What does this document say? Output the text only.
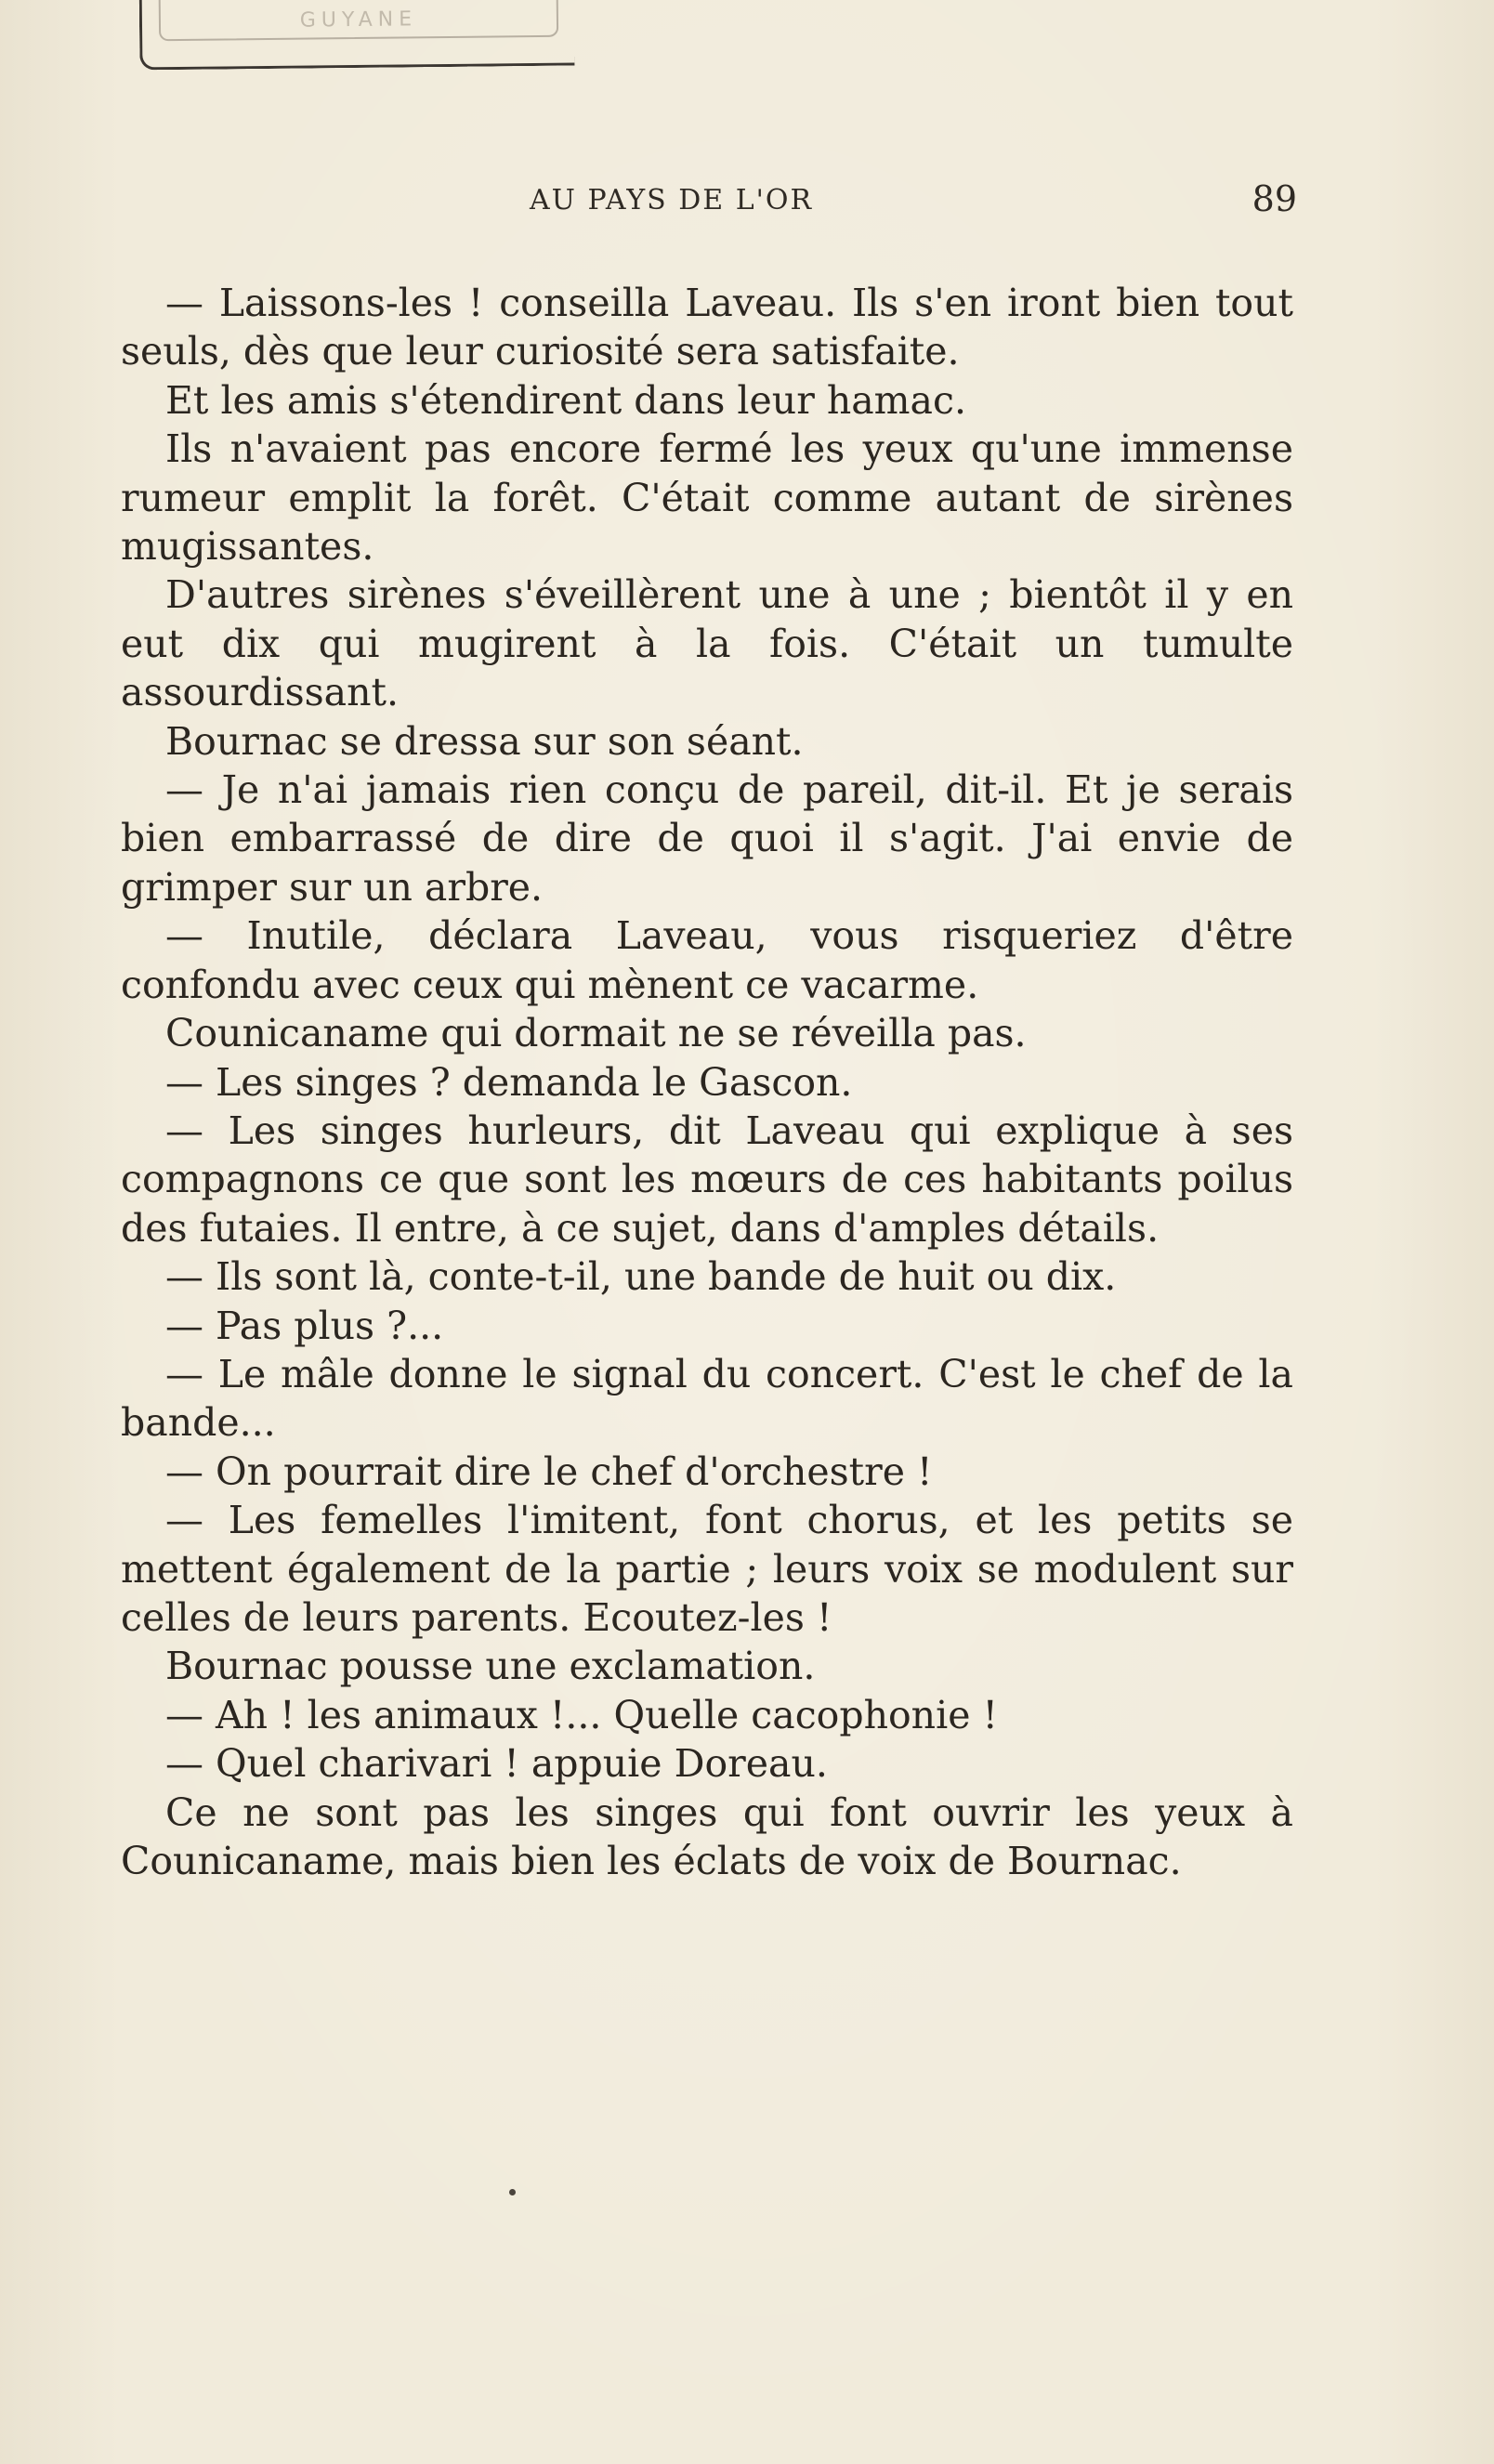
GUYANE
AU PAYS DE L'OR	89

— Laissons-les ! conseilla Laveau. Ils s'en iront bien tout seuls, dès que leur curiosité sera satisfaite.

Et les amis s'étendirent dans leur hamac.

Ils n'avaient pas encore fermé les yeux qu'une immense rumeur emplit la forêt. C'était comme autant de sirènes mugissantes.

D'autres sirènes s'éveillèrent une à une ; bientôt il y en eut dix qui mugirent à la fois. C'était un tumulte assourdissant.

Bournac se dressa sur son séant.

— Je n'ai jamais rien conçu de pareil, dit-il. Et je serais bien embarrassé de dire de quoi il s'agit. J'ai envie de grimper sur un arbre.

— Inutile, déclara Laveau, vous risqueriez d'être confondu avec ceux qui mènent ce vacarme.

Counicaname qui dormait ne se réveilla pas.

— Les singes ? demanda le Gascon.

— Les singes hurleurs, dit Laveau qui explique à ses compagnons ce que sont les mœurs de ces habitants poilus des futaies. Il entre, à ce sujet, dans d'amples détails.

— Ils sont là, conte-t-il, une bande de huit ou dix.

— Pas plus ?...

— Le mâle donne le signal du concert. C'est le chef de la bande...

— On pourrait dire le chef d'orchestre !

— Les femelles l'imitent, font chorus, et les petits se mettent également de la partie ; leurs voix se modulent sur celles de leurs parents. Ecoutez-les !

Bournac pousse une exclamation.

— Ah ! les animaux !... Quelle cacophonie !

— Quel charivari ! appuie Doreau.

Ce ne sont pas les singes qui font ouvrir les yeux à Counicaname, mais bien les éclats de voix de Bournac.
